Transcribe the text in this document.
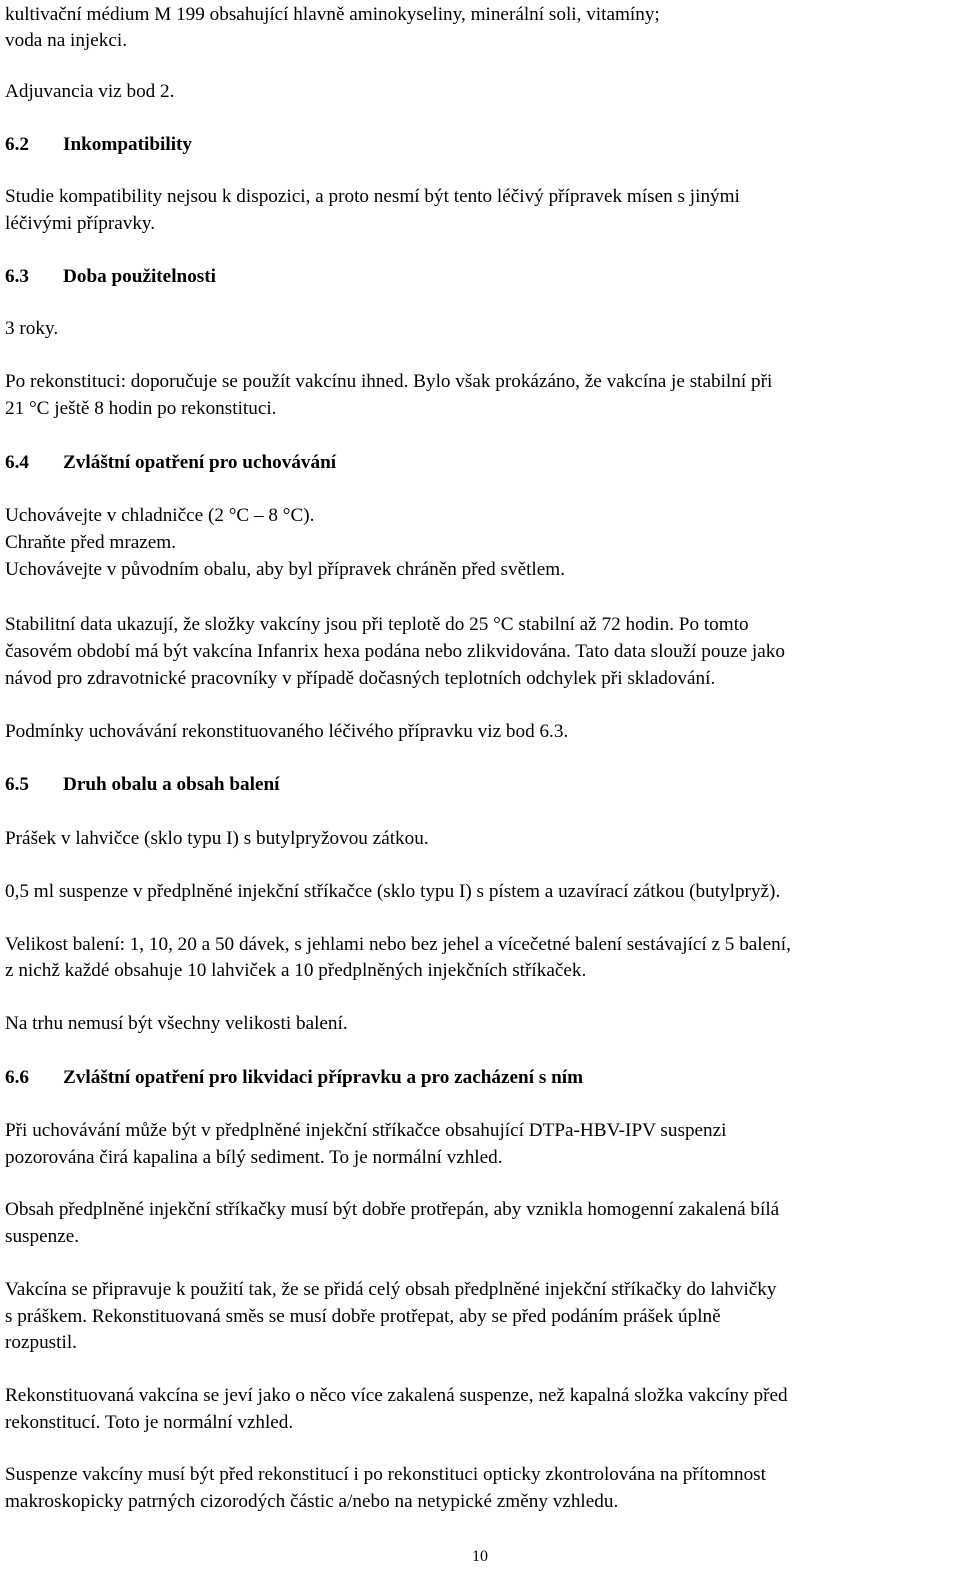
kultivační médium M 199 obsahující hlavně aminokyseliny, minerální soli, vitamíny;
voda na injekci.
Adjuvancia viz bod 2.
6.2 Inkompatibility
Studie kompatibility nejsou k dispozici, a proto nesmí být tento léčivý přípravek mísen s jinými
léčivými přípravky.
6.3 Doba použitelnosti
3 roky.
Po rekonstituci: doporučuje se použít vakcínu ihned. Bylo však prokázáno, že vakcína je stabilní při
21 °C ještě 8 hodin po rekonstituci.
6.4 Zvláštní opatření pro uchovávání
Uchovávejte v chladničce (2 °C – 8 °C).
Chraňte před mrazem.
Uchovávejte v původním obalu, aby byl přípravek chráněn před světlem.
Stabilitní data ukazují, že složky vakcíny jsou při teplotě do 25 °C stabilní až 72 hodin. Po tomto
časovém období má být vakcína Infanrix hexa podána nebo zlikvidována. Tato data slouží pouze jako
návod pro zdravotnické pracovníky v případě dočasných teplotních odchylek při skladování.
Podmínky uchovávání rekonstituovaného léčivého přípravku viz bod 6.3.
6.5 Druh obalu a obsah balení
Prášek v lahvičce (sklo typu I) s butylpryžovou zátkou.
0,5 ml suspenze v předplněné injekční stříkačce (sklo typu I) s pístem a uzavírací zátkou (butylpryž).
Velikost balení: 1, 10, 20 a 50 dávek, s jehlami nebo bez jehel a vícečetné balení sestávající z 5 balení,
z nichž každé obsahuje 10 lahviček a 10 předplněných injekčních stříkaček.
Na trhu nemusí být všechny velikosti balení.
6.6 Zvláštní opatření pro likvidaci přípravku a pro zacházení s ním
Při uchovávání může být v předplněné injekční stříkačce obsahující DTPa-HBV-IPV suspenzi
pozorována čirá kapalina a bílý sediment. To je normální vzhled.
Obsah předplněné injekční stříkačky musí být dobře protřepán, aby vznikla homogenní zakalená bílá
suspenze.
Vakcína se připravuje k použití tak, že se přidá celý obsah předplněné injekční stříkačky do lahvičky
s práškem. Rekonstituovaná směs se musí dobře protřepat, aby se před podáním prášek úplně
rozpustil.
Rekonstituovaná vakcína se jeví jako o něco více zakalená suspenze, než kapalná složka vakcíny před
rekonstitucí. Toto je normální vzhled.
Suspenze vakcíny musí být před rekonstitucí i po rekonstituci opticky zkontrolována na přítomnost
makroskopicky patrných cizorodých částic a/nebo na netypické změny vzhledu.
10
